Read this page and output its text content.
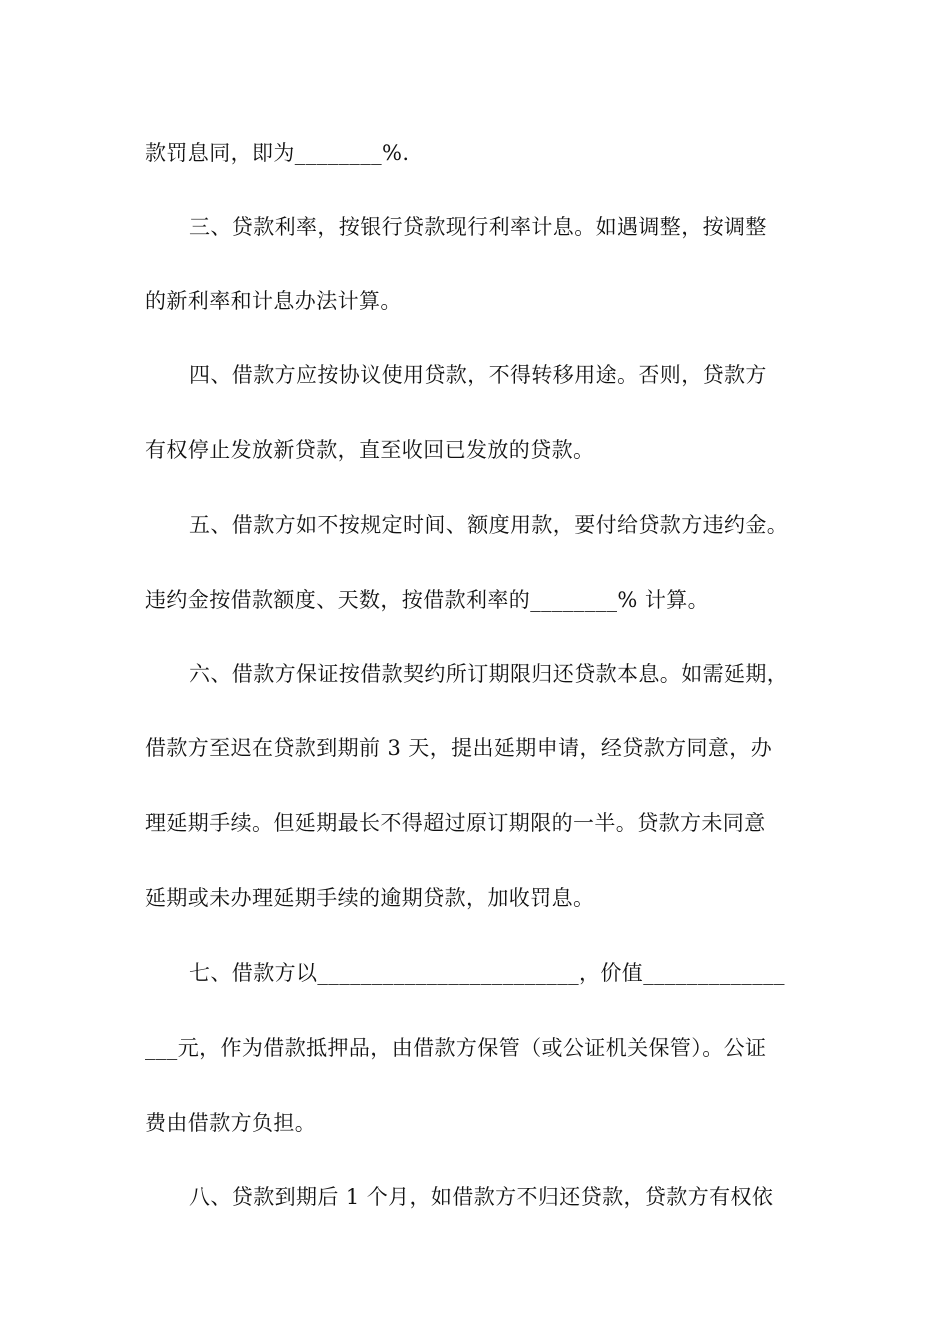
款罚息同，即为________%.
三、贷款利率，按银行贷款现行利率计息。如遇调整，按调整
的新利率和计息办法计算。
四、借款方应按协议使用贷款，不得转移用途。否则，贷款方
有权停止发放新贷款，直至收回已发放的贷款。
五、借款方如不按规定时间、额度用款，要付给贷款方违约金。
违约金按借款额度、天数，按借款利率的________% 计算。
六、借款方保证按借款契约所订期限归还贷款本息。如需延期，
借款方至迟在贷款到期前 3 天，提出延期申请，经贷款方同意，办
理延期手续。但延期最长不得超过原订期限的一半。贷款方未同意
延期或未办理延期手续的逾期贷款，加收罚息。
七、借款方以________________________，价值_____________
___元，作为借款抵押品，由借款方保管（或公证机关保管）。公证
费由借款方负担。
八、贷款到期后 1 个月，如借款方不归还贷款，贷款方有权依
